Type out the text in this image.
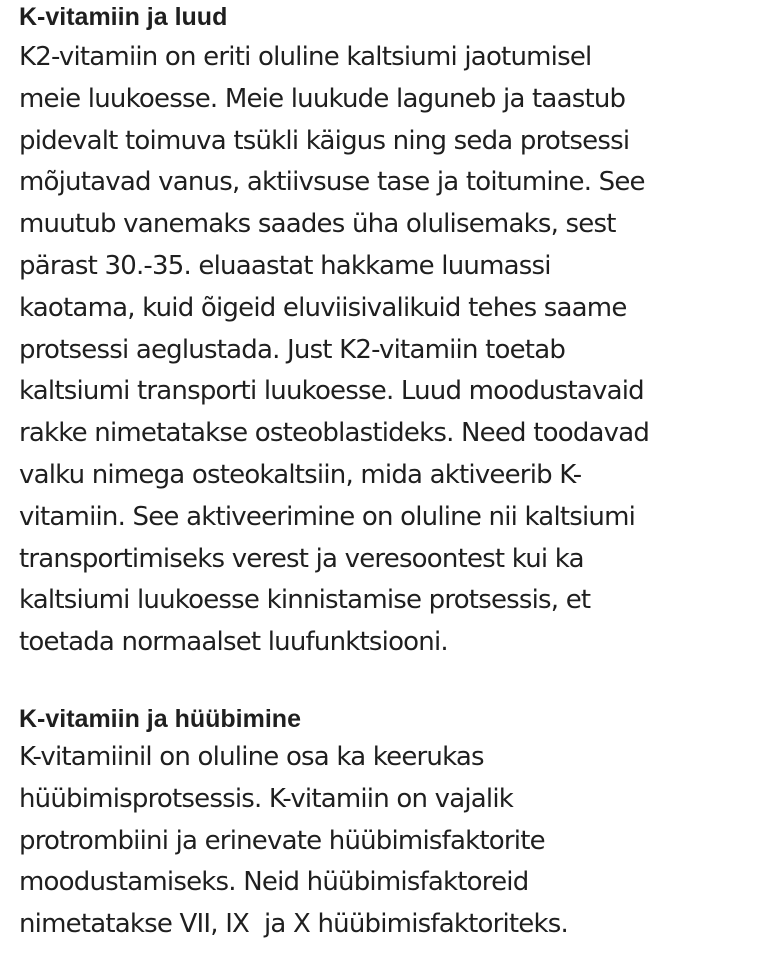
K-vitamiin ja luud

K2-vitamiin on eriti oluline kaltsiumi jaotumisel
meie luukoesse. Meie luukude laguneb ja taastub
pidevalt toimuva tsükli käigus ning seda protsessi
mõjutavad vanus, aktiivsuse tase ja toitumine. See
muutub vanemaks saades üha olulisemaks, sest
pärast 30.-35. eluaastat hakkame luumassi
kaotama, kuid õigeid eluviisivalikuid tehes saame
protsessi aeglustada. Just K2-vitamiin toetab
kaltsiumi transporti luukoesse. Luud moodustavaid
rakke nimetatakse osteoblastideks. Need toodavad
valku nimega osteokaltsiin, mida aktiveerib K-
vitamiin. See aktiveerimine on oluline nii kaltsiumi
transportimiseks verest ja veresoontest kui ka
kaltsiumi luukoesse kinnistamise protsessis, et
toetada normaalset luufunktsiooni.

K-vitamiin ja hüübimine

K-vitamiinil on oluline osa ka keerukas
hüübimisprotsessis. K-vitamiin on vajalik
protrombiini ja erinevate hüübimisfaktorite
moodustamiseks. Neid hüübimisfaktoreid
nimetatakse VII, IX  ja X hüübimisfaktoriteks.
